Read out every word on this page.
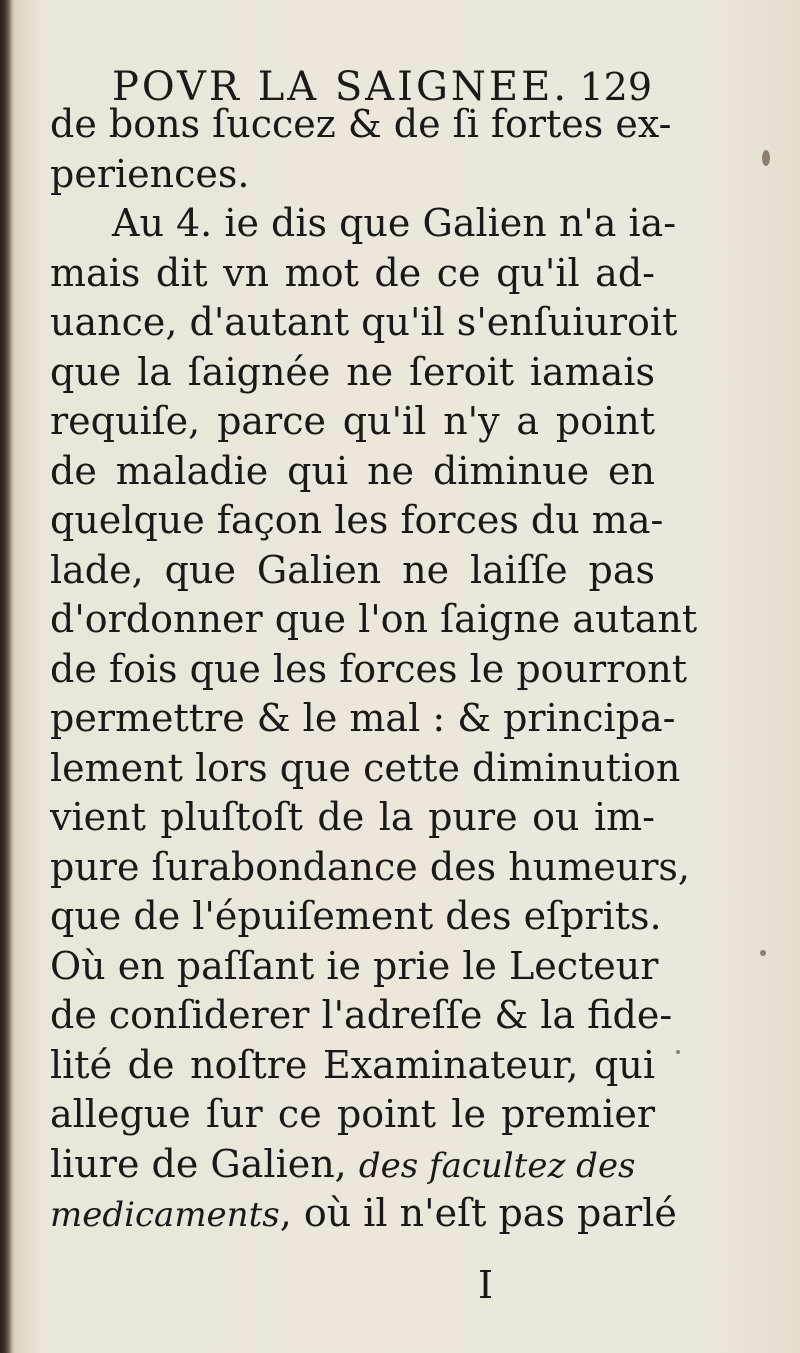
POVR LA SAIGNEE. 129
de bons ſuccez & de ſi fortes ex-
periences.
Au 4. ie dis que Galien n'a ia-
mais dit vn mot de ce qu'il ad-
uance, d'autant qu'il s'enſuiuroit
que la ſaignée ne ſeroit iamais
requiſe, parce qu'il n'y a point
de maladie qui ne diminue en
quelque façon les forces du ma-
lade, que Galien ne laiſſe pas
d'ordonner que l'on ſaigne autant
de fois que les forces le pourront
permettre & le mal : & principa-
lement lors que cette diminution
vient pluſtoſt de la pure ou im-
pure ſurabondance des humeurs,
que de l'épuiſement des eſprits.
Où en paſſant ie prie le Lecteur
de conſiderer l'adreſſe & la fide-
lité de noſtre Examinateur, qui
allegue ſur ce point le premier
liure de Galien, des facultez des
medicaments, où il n'eſt pas parlé
I
